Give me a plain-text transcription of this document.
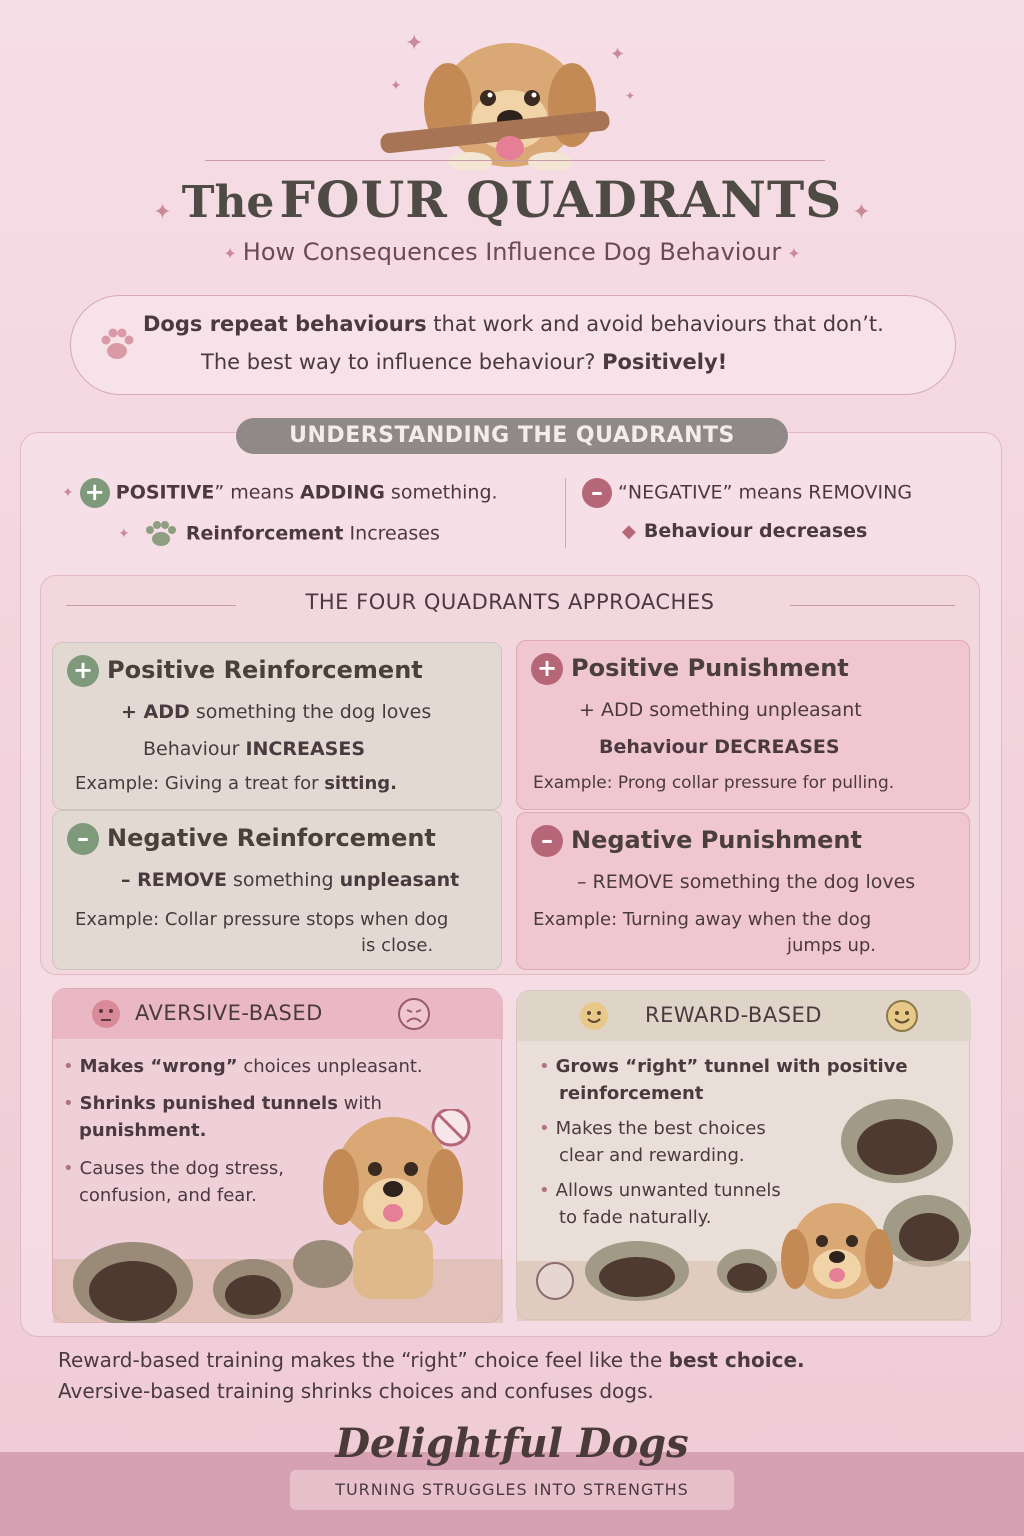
✦
✦
✦
✦
✦ The FOUR QUADRANTS ✦
✦ How Consequences Influence Dog Behaviour ✦
Dogs repeat behaviours that work and avoid behaviours that don’t.
The best way to influence behaviour? Positively!
UNDERSTANDING THE QUADRANTS
✦ + POSITIVE” means ADDING something.
✦	Reinforcement Increases
– “NEGATIVE” means REMOVING
◆ Behaviour decreases
THE FOUR QUADRANTS APPROACHES
+ Positive Reinforcement
+ ADD something the dog loves
Behaviour INCREASES
Example: Giving a treat for sitting.
+ Positive Punishment
+ ADD something unpleasant
Behaviour DECREASES
Example: Prong collar pressure for pulling.
– Negative Reinforcement
– REMOVE something unpleasant
Example: Collar pressure stops when dog
is close.
– Negative Punishment
– REMOVE something the dog loves
Example: Turning away when the dog
jumps up.
AVERSIVE-BASED
• Makes “wrong” choices unpleasant.
• Shrinks punished tunnels with
punishment.
• Causes the dog stress,
confusion, and fear.
REWARD-BASED
• Grows “right” tunnel with positive
reinforcement
• Makes the best choices
clear and rewarding.
• Allows unwanted tunnels
to fade naturally.
Reward-based training makes the “right” choice feel like the best choice.
Aversive-based training shrinks choices and confuses dogs.
Delightful Dogs
TURNING STRUGGLES INTO STRENGTHS
